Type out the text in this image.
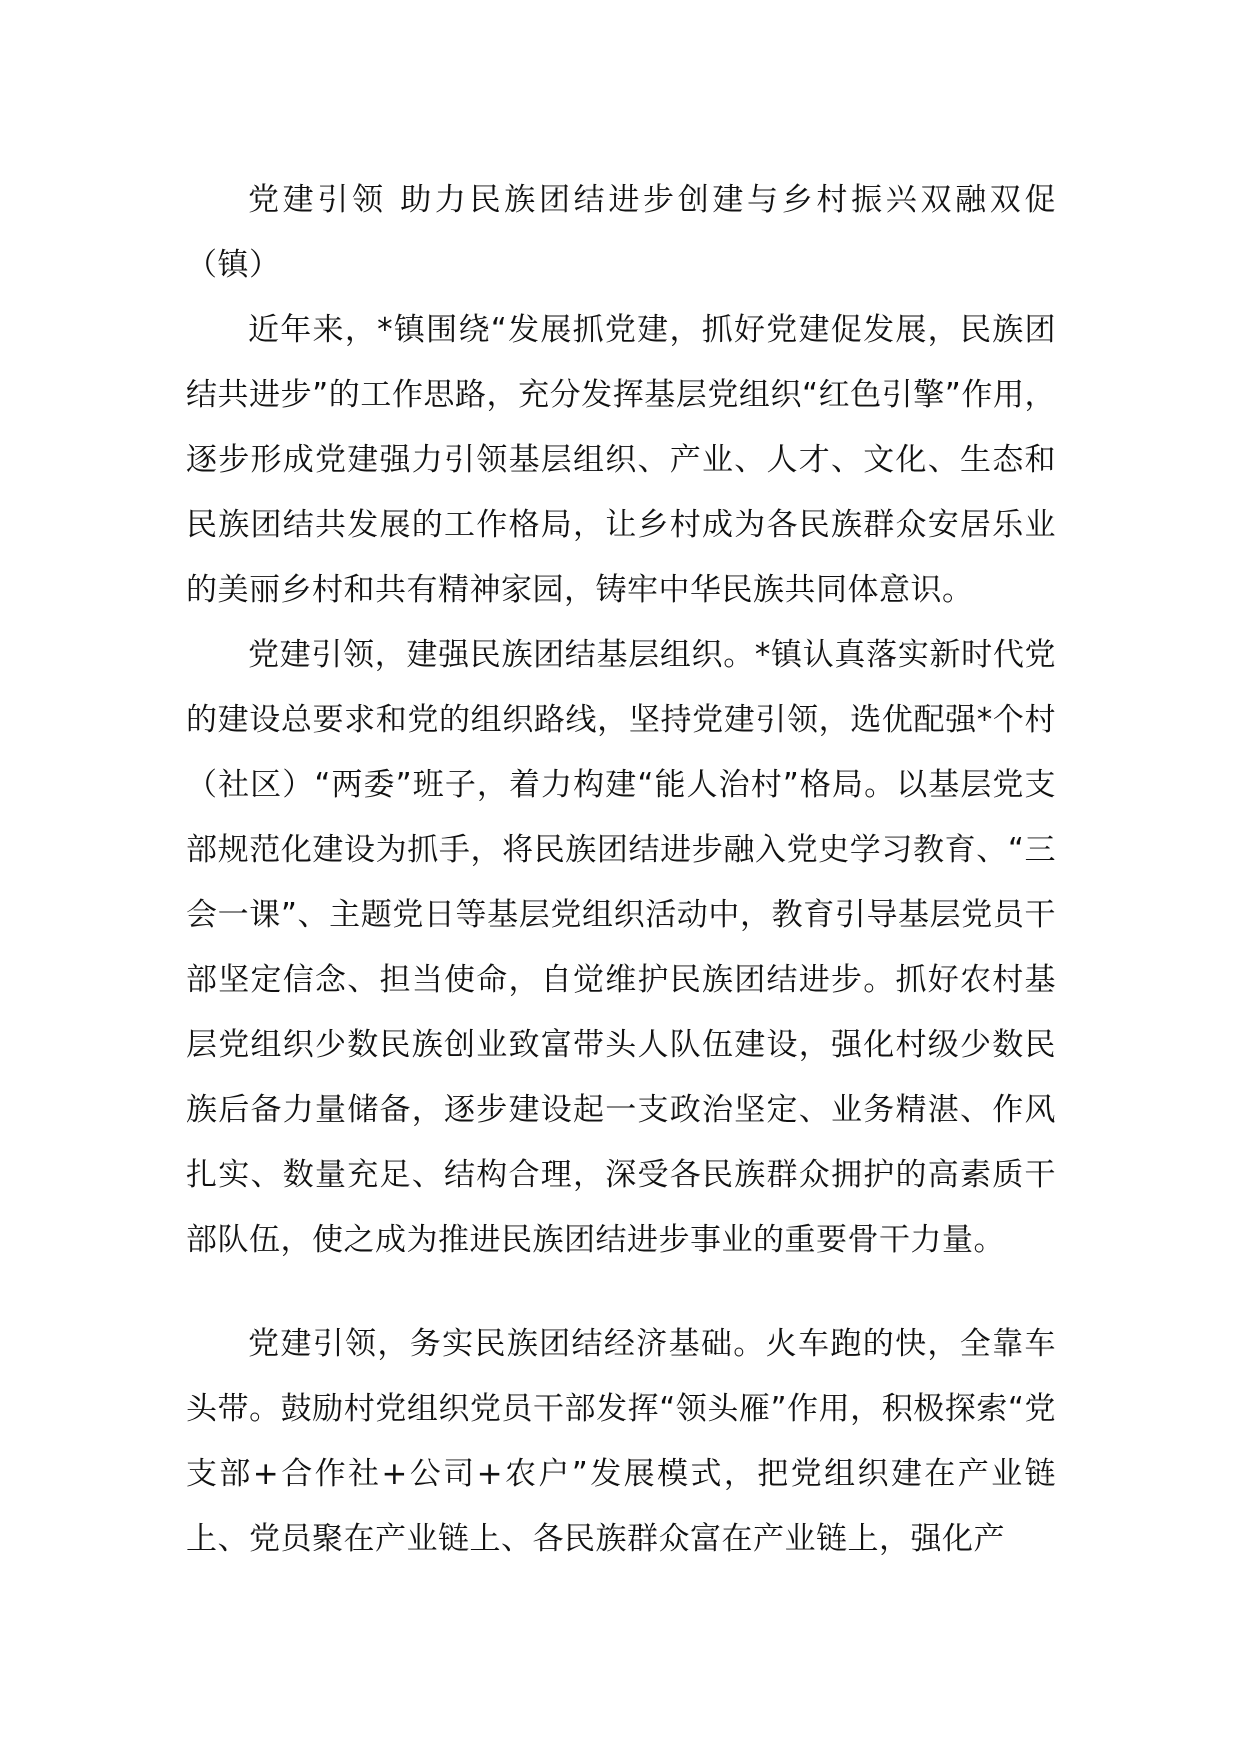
党建引领 助力民族团结进步创建与乡村振兴双融双促（镇）

近年来，*镇围绕“发展抓党建，抓好党建促发展，民族团结共进步”的工作思路，充分发挥基层党组织“红色引擎”作用，逐步形成党建强力引领基层组织、产业、人才、文化、生态和民族团结共发展的工作格局，让乡村成为各民族群众安居乐业的美丽乡村和共有精神家园，铸牢中华民族共同体意识。

党建引领，建强民族团结基层组织。*镇认真落实新时代党的建设总要求和党的组织路线，坚持党建引领，选优配强*个村（社区）“两委”班子，着力构建“能人治村”格局。以基层党支部规范化建设为抓手，将民族团结进步融入党史学习教育、“三会一课”、主题党日等基层党组织活动中，教育引导基层党员干部坚定信念、担当使命，自觉维护民族团结进步。抓好农村基层党组织少数民族创业致富带头人队伍建设，强化村级少数民族后备力量储备，逐步建设起一支政治坚定、业务精湛、作风扎实、数量充足、结构合理，深受各民族群众拥护的高素质干部队伍，使之成为推进民族团结进步事业的重要骨干力量。

党建引领，务实民族团结经济基础。火车跑的快，全靠车头带。鼓励村党组织党员干部发挥“领头雁”作用，积极探索“党支部+合作社+公司+农户”发展模式，把党组织建在产业链上、党员聚在产业链上、各民族群众富在产业链上，强化产
